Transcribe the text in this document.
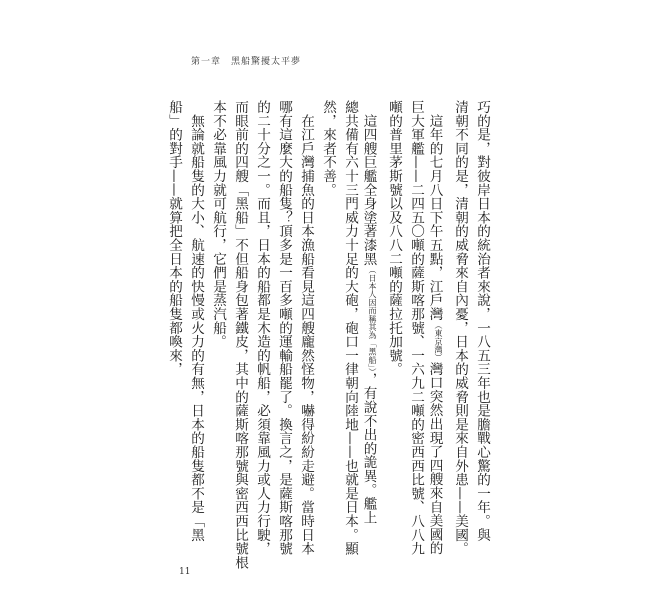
第一章　黑船驚擾太平夢
巧的是，對彼岸日本的統治者來說，一八五三年也是膽戰心驚的一年。與
清朝不同的是，清朝的威脅來自內憂，日本的威脅則是來自外患——美國。
　這年的七月八日下午五點，江戶灣（東京灣）灣口突然出現了四艘來自美國的
巨大軍艦——二四五〇噸的薩斯喀那號、一六九二噸的密西西比號、八八九
噸的普里茅斯號以及八八二噸的薩拉托加號。
　這四艘巨艦全身塗著漆黑（日本人因而稱其為「黑船」），有說不出的詭異。艦上
總共備有六十三門威力十足的大砲，砲口一律朝向陸地——也就是日本。顯
然，來者不善。
　在江戶灣捕魚的日本漁船看見這四艘龐然怪物，嚇得紛紛走避。當時日本
哪有這麼大的船隻？頂多是一百多噸的運輸船罷了。換言之，是薩斯喀那號
的二十分之一。而且，日本的船都是木造的帆船，必須靠風力或人力行駛，
而眼前的四艘「黑船」不但船身包著鐵皮，其中的薩斯喀那號與密西西比號根
本不必靠風力就可航行，它們是蒸汽船。
　無論就船隻的大小、航速的快慢或火力的有無，日本的船隻都不是「黑
船」的對手——就算把全日本的船隻都喚來，
11
